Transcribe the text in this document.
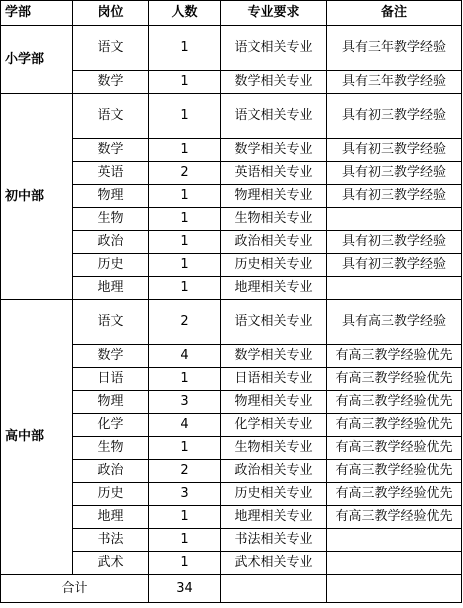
学部	岗位	人数	专业要求	备注
小学部	语文	1	语文相关专业	具有三年教学经验
	数学	1	数学相关专业	具有三年教学经验
初中部	语文	1	语文相关专业	具有初三教学经验
	数学	1	数学相关专业	具有初三教学经验
	英语	2	英语相关专业	具有初三教学经验
	物理	1	物理相关专业	具有初三教学经验
	生物	1	生物相关专业	
	政治	1	政治相关专业	具有初三教学经验
	历史	1	历史相关专业	具有初三教学经验
	地理	1	地理相关专业	
高中部	语文	2	语文相关专业	具有高三教学经验
	数学	4	数学相关专业	有高三教学经验优先
	日语	1	日语相关专业	有高三教学经验优先
	物理	3	物理相关专业	有高三教学经验优先
	化学	4	化学相关专业	有高三教学经验优先
	生物	1	生物相关专业	有高三教学经验优先
	政治	2	政治相关专业	有高三教学经验优先
	历史	3	历史相关专业	有高三教学经验优先
	地理	1	地理相关专业	有高三教学经验优先
	书法	1	书法相关专业	
	武术	1	武术相关专业	
合计		34		
